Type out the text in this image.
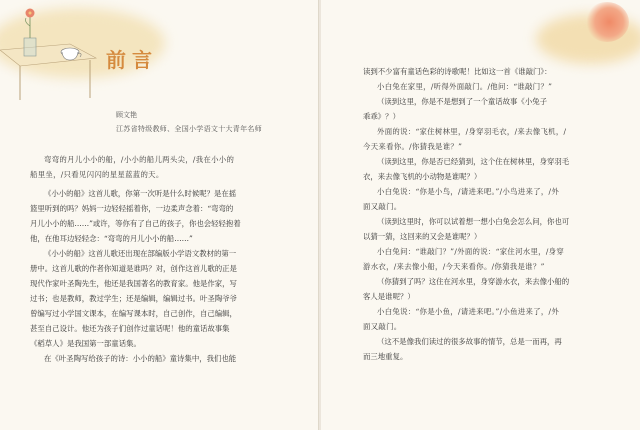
前言
顾文艳
江苏省特级教师、全国小学语文十大青年名师

弯弯的月儿小小的船，/小小的船儿两头尖，/我在小小的

船里坐，/只看见闪闪的星星蓝蓝的天。

《小小的船》这首儿歌，你第一次听是什么时候呢？是在摇

篮里听到的吗？妈妈一边轻轻摇着你，一边柔声念着：“弯弯的

月儿小小的船……”或许，等你有了自己的孩子，你也会轻轻抱着

他，在他耳边轻轻念：“弯弯的月儿小小的船……”

《小小的船》这首儿歌还出现在部编版小学语文教材的第一

册中。这首儿歌的作者你知道是谁吗？对，创作这首儿歌的正是

现代作家叶圣陶先生，他还是我国著名的教育家。他是作家，写

过书；也是教师，教过学生；还是编辑，编辑过书。叶圣陶爷爷

曾编写过小学国文课本，在编写课本时，自己创作，自己编辑，

甚至自己设计。他还为孩子们创作过童话呢！他的童话故事集

《稻草人》是我国第一部童话集。

在《叶圣陶写给孩子的诗：小小的船》童诗集中，我们也能

读到不少富有童话色彩的诗歌呢！比如这一首《谁敲门》：

小白兔在家里，/听得外面敲门。/他问：“谁敲门？”

（读到这里，你是不是想到了一个童话故事《小兔子

乖乖》？）

外面的说：“家住树林里，/身穿羽毛衣，/来去像飞机，/

今天来看你。/你猜我是谁？”

（读到这里，你是否已经猜到，这个住在树林里，身穿羽毛

衣，来去像飞机的小动物是谁呢？）

小白兔说：“你是小鸟，/请进来吧。”/小鸟进来了，/外

面又敲门。

（读到这里时，你可以试着想一想小白兔会怎么问，你也可

以猜一猜，这回来的又会是谁呢？）

小白兔问：“谁敲门？”/外面的说：“家住河水里，/身穿

游水衣，/来去像小船，/今天来看你。/你猜我是谁？”

（你猜到了吗？这住在河水里，身穿游水衣，来去像小船的

客人是谁呢？）

小白兔说：“你是小鱼，/请进来吧。”/小鱼进来了，/外

面又敲门。

（这不是像我们读过的很多故事的情节，总是一而再，再

而三地重复。
